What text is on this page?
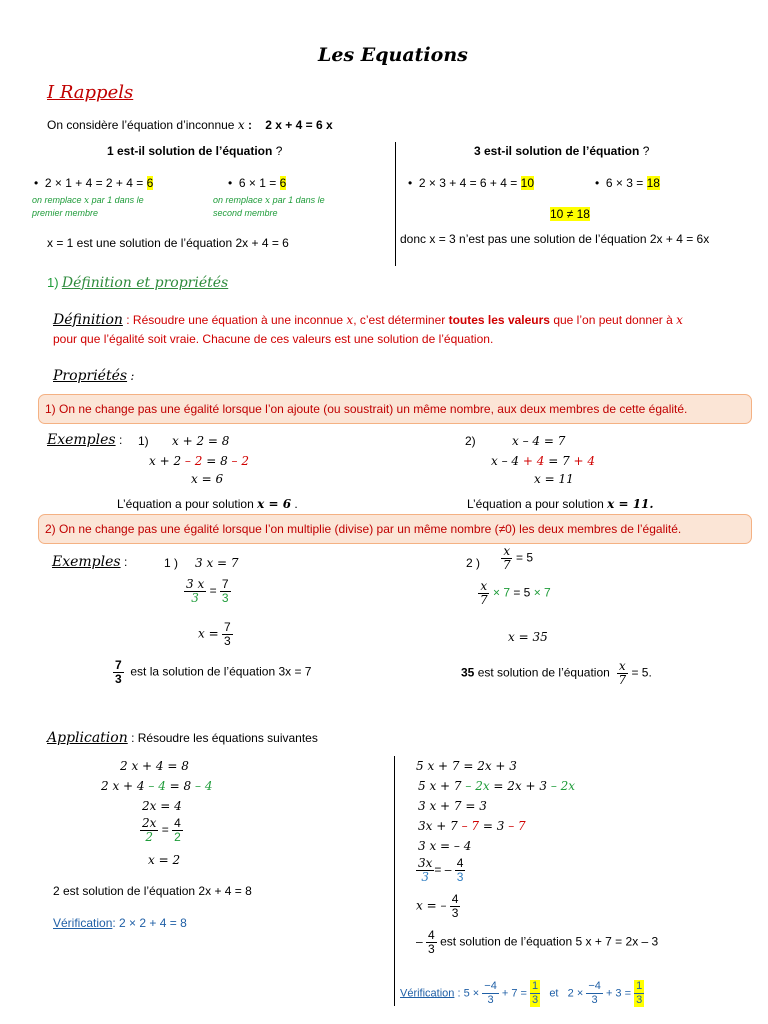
Les Equations
I Rappels
On considère l’équation d’inconnue x : 2 x + 4 = 6 x
1 est-il solution de l’équation ?
•  2 × 1 + 4 = 2 + 4 = 6	•  6 × 1 = 6
on remplace x par 1 dans le
premier membre
on remplace x par 1 dans le
second membre
x = 1 est une solution de l’équation 2x + 4 = 6
3 est-il solution de l’équation ?
•  2 × 3 + 4 = 6 + 4 = 10	•  6 × 3 = 18
10 ≠ 18
donc x = 3 n’est pas une solution de l’équation 2x + 4 = 6x
1) Définition et propriétés
Définition : Résoudre une équation à une inconnue x, c’est déterminer toutes les valeurs que l’on peut donner à x
pour que l’égalité soit vraie. Chacune de ces valeurs est une solution de l’équation.
Propriétés :
1) On ne change pas une égalité lorsque l’on ajoute (ou soustrait) un même nombre, aux deux membres de cette égalité.
Exemples : 1) x + 2 = 8
x + 2 – 2 = 8 – 2
x = 6
L’équation a pour solution x = 6 .
2)	x – 4 = 7
x – 4 + 4 = 7 + 4
x = 11
L’équation a pour solution x = 11.
2) On ne change pas une égalité lorsque l’on multiplie (divise) par un même nombre (≠0) les deux membres de l’égalité.
Exemples :	1 ) 3 x = 7
$\frac{3 x}{3} = \frac{7}{3}$
$x = \frac{7}{3}$
$\frac{7}{3}$ est la solution de l’équation 3x = 7
2 ) $\frac{x}{7} = 5$
$\frac{x}{7} \times 7 = 5 \times 7$
x = 35
35 est solution de l’équation $\frac{x}{7} = 5$.
Application : Résoudre les équations suivantes
2 x + 4 = 8
2 x + 4 – 4 = 8 – 4
2x = 4
$\frac{2x}{2} = \frac{4}{2}$
x = 2
2 est solution de l’équation 2x + 4 = 8
Vérification: 2 × 2 + 4 = 8
5 x + 7 = 2x + 3
5 x + 7 – 2x = 2x + 3 – 2x
3 x + 7 = 3
3x + 7 – 7 = 3 – 7
3 x = – 4
$\frac{3x}{3}$ = – $\frac{4}{3}$
x = – $\frac{4}{3}$
– $\frac{4}{3}$ est solution de l’équation 5 x + 7 = 2x – 3
Vérification : $5 \times \frac{-4}{3} + 7 = \frac{1}{3}$ et $2 \times \frac{-4}{3} + 3 = \frac{1}{3}$
